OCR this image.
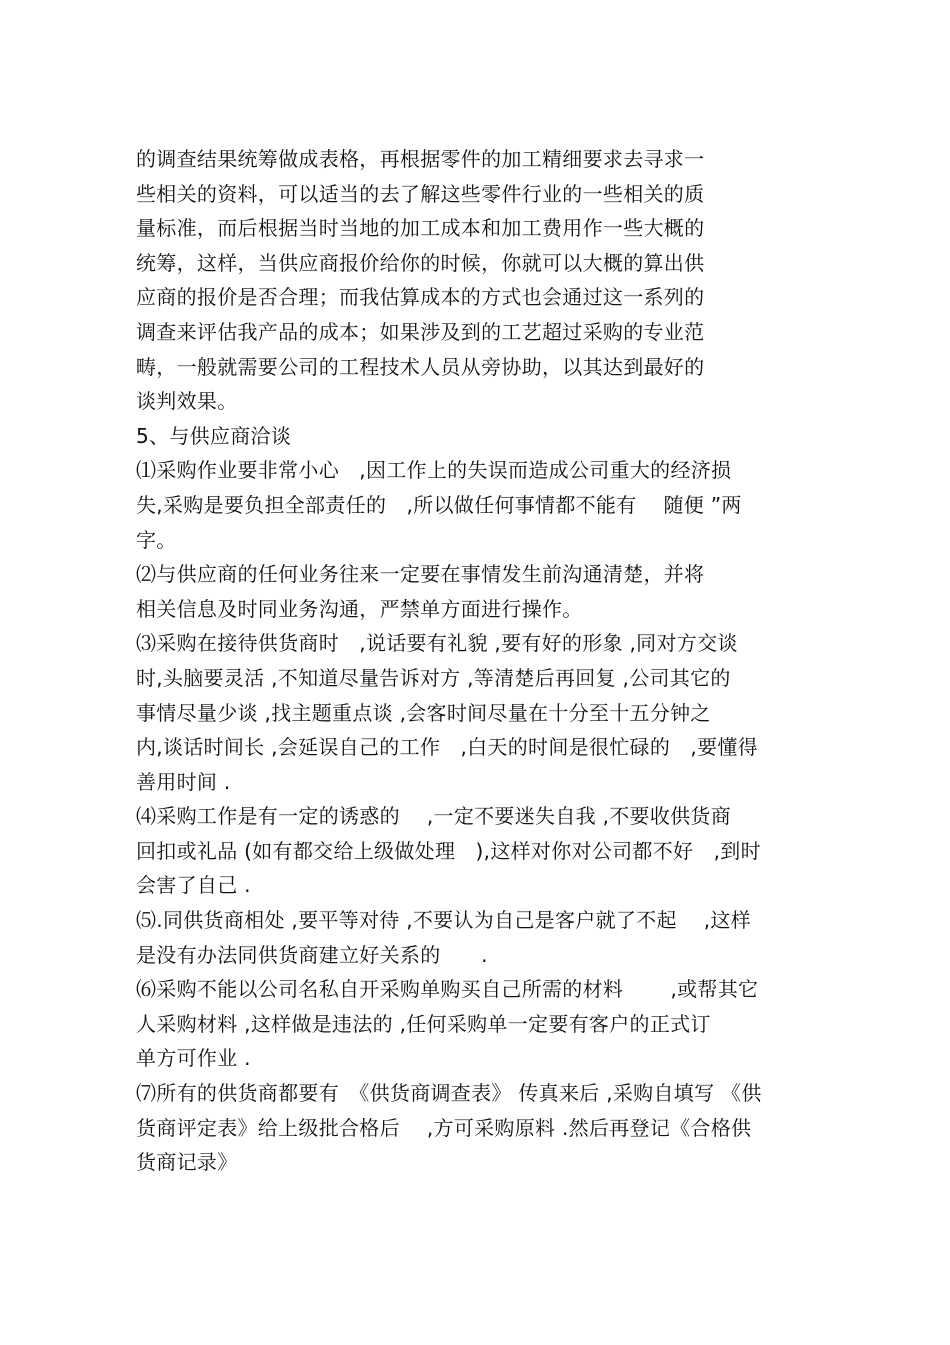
的调查结果统筹做成表格，再根据零件的加工精细要求去寻求一
些相关的资料，可以适当的去了解这些零件行业的一些相关的质
量标准，而后根据当时当地的加工成本和加工费用作一些大概的
统筹，这样，当供应商报价给你的时候，你就可以大概的算出供
应商的报价是否合理；而我估算成本的方式也会通过这一系列的
调查来评估我产品的成本；如果涉及到的工艺超过采购的专业范
畴，一般就需要公司的工程技术人员从旁协助，以其达到最好的
谈判效果。
5、与供应商洽谈
⑴采购作业要非常小心　,因工作上的失误而造成公司重大的经济损
失,采购是要负担全部责任的　,所以做任何事情都不能有　 随便 ”两
字。
⑵与供应商的任何业务往来一定要在事情发生前沟通清楚，并将
相关信息及时同业务沟通，严禁单方面进行操作。
⑶采购在接待供货商时　,说话要有礼貌 ,要有好的形象 ,同对方交谈
时,头脑要灵活 ,不知道尽量告诉对方 ,等清楚后再回复 ,公司其它的
事情尽量少谈 ,找主题重点谈 ,会客时间尽量在十分至十五分钟之
内,谈话时间长 ,会延误自己的工作　,白天的时间是很忙碌的　,要懂得
善用时间 .
⑷采购工作是有一定的诱惑的　 ,一定不要迷失自我 ,不要收供货商
回扣或礼品 (如有都交给上级做处理　),这样对你对公司都不好　,到时
会害了自己 .
⑸.同供货商相处 ,要平等对待 ,不要认为自己是客户就了不起　 ,这样
是没有办法同供货商建立好关系的　　.
⑹采购不能以公司名私自开采购单购买自己所需的材料　　 ,或帮其它
人采购材料 ,这样做是违法的 ,任何采购单一定要有客户的正式订
单方可作业 .
⑺所有的供货商都要有　《供货商调查表》 传真来后 ,采购自填写 《供
货商评定表》给上级批合格后　 ,方可采购原料 .然后再登记《合格供
货商记录》
